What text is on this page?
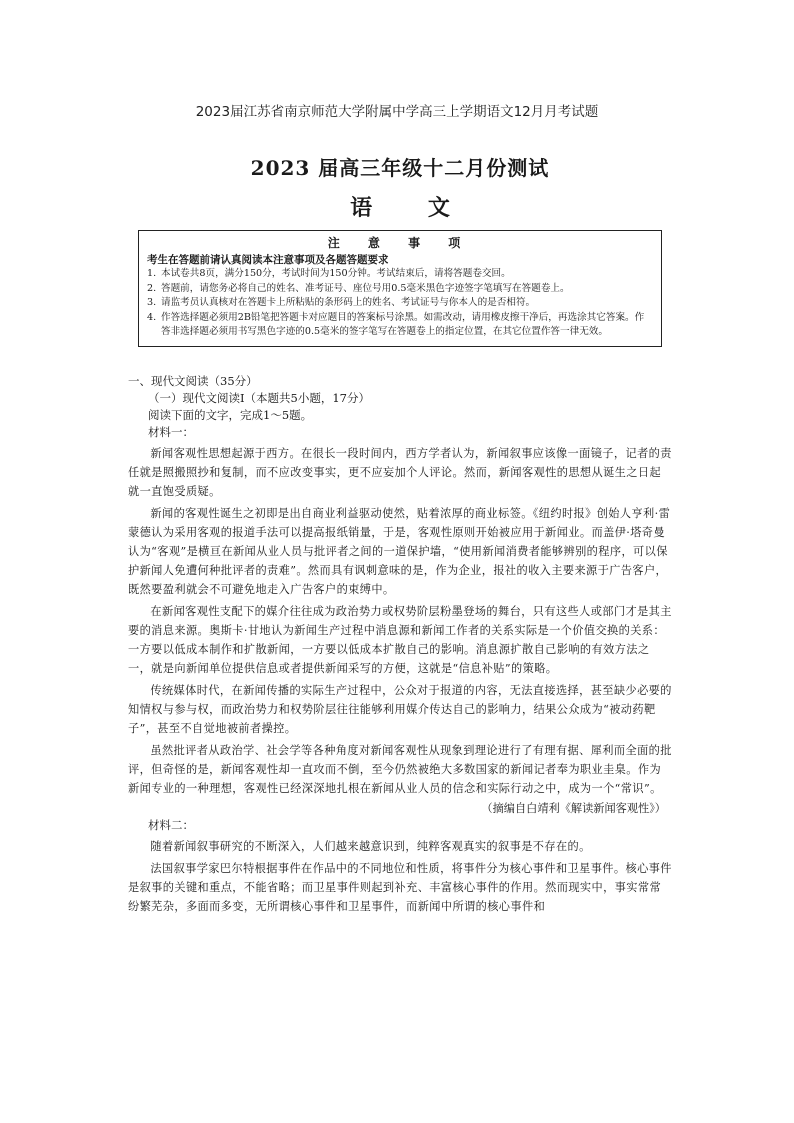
2023届江苏省南京师范大学附属中学高三上学期语文12月月考试题
2023 届高三年级十二月份测试
语 文
注 意 事 项
考生在答题前请认真阅读本注意事项及各题答题要求
1. 本试卷共8页，满分150分，考试时间为150分钟。考试结束后，请将答题卷交回。
2. 答题前，请您务必将自己的姓名、准考证号、座位号用0.5毫米黑色字迹签字笔填写在答题卷上。
3. 请监考员认真核对在答题卡上所粘贴的条形码上的姓名、考试证号与你本人的是否相符。
4. 作答选择题必须用2B铅笔把答题卡对应题目的答案标号涂黑。如需改动，请用橡皮擦干净后，再选涂其它答案。作答非选择题必须用书写黑色字迹的0.5毫米的签字笔写在答题卷上的指定位置，在其它位置作答一律无效。
一、现代文阅读（35分）
（一）现代文阅读Ⅰ（本题共5小题，17分）
阅读下面的文字，完成1～5题。
材料一：

新闻客观性思想起源于西方。在很长一段时间内，西方学者认为，新闻叙事应该像一面镜子，记者的责任就是照搬照抄和复制，而不应改变事实，更不应妄加个人评论。然而，新闻客观性的思想从诞生之日起就一直饱受质疑。

新闻的客观性诞生之初即是出自商业利益驱动使然，贴着浓厚的商业标签。《纽约时报》创始人亨利·雷蒙德认为采用客观的报道手法可以提高报纸销量，于是，客观性原则开始被应用于新闻业。而盖伊·塔奇曼认为“客观”是横亘在新闻从业人员与批评者之间的一道保护墙，“使用新闻消费者能够辨别的程序，可以保护新闻人免遭何种批评者的责难”。然而具有讽刺意味的是，作为企业，报社的收入主要来源于广告客户，既然要盈利就会不可避免地走入广告客户的束缚中。

在新闻客观性支配下的媒介往往成为政治势力或权势阶层粉墨登场的舞台，只有这些人或部门才是其主要的消息来源。奥斯卡·甘地认为新闻生产过程中消息源和新闻工作者的关系实际是一个价值交换的关系：一方要以低成本制作和扩散新闻，一方要以低成本扩散自己的影响。消息源扩散自己影响的有效方法之一，就是向新闻单位提供信息或者提供新闻采写的方便，这就是“信息补贴”的策略。

传统媒体时代，在新闻传播的实际生产过程中，公众对于报道的内容，无法直接选择，甚至缺少必要的知情权与参与权，而政治势力和权势阶层往往能够利用媒介传达自己的影响力，结果公众成为“被动药靶子”，甚至不自觉地被前者操控。

虽然批评者从政治学、社会学等各种角度对新闻客观性从现象到理论进行了有理有据、犀利而全面的批评，但奇怪的是，新闻客观性却一直攻而不倒，至今仍然被绝大多数国家的新闻记者奉为职业圭臬。作为新闻专业的一种理想，客观性已经深深地扎根在新闻从业人员的信念和实际行动之中，成为一个“常识”。

（摘编自白靖利《解读新闻客观性》）
材料二：

随着新闻叙事研究的不断深入，人们越来越意识到，纯粹客观真实的叙事是不存在的。

法国叙事学家巴尔特根据事件在作品中的不同地位和性质，将事件分为核心事件和卫星事件。核心事件是叙事的关键和重点，不能省略；而卫星事件则起到补充、丰富核心事件的作用。然而现实中，事实常常纷繁芜杂，多面而多变，无所谓核心事件和卫星事件，而新闻中所谓的核心事件和
